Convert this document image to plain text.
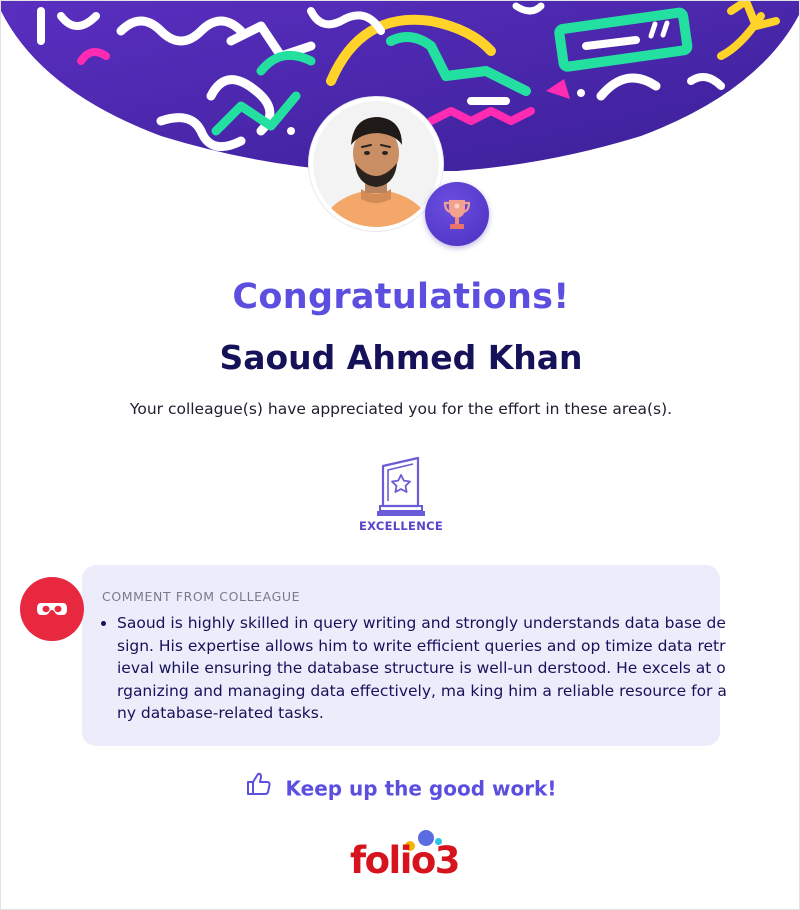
Congratulations!
Saoud Ahmed Khan
Your colleague(s) have appreciated you for the effort in these area(s).
EXCELLENCE
COMMENT FROM COLLEAGUE
• Saoud is highly skilled in query writing and strongly understands data base design. His expertise allows him to write efficient queries and op timize data retrieval while ensuring the database structure is well-un derstood. He excels at organizing and managing data effectively, ma king him a reliable resource for any database-related tasks.
Keep up the good work!
folio3
